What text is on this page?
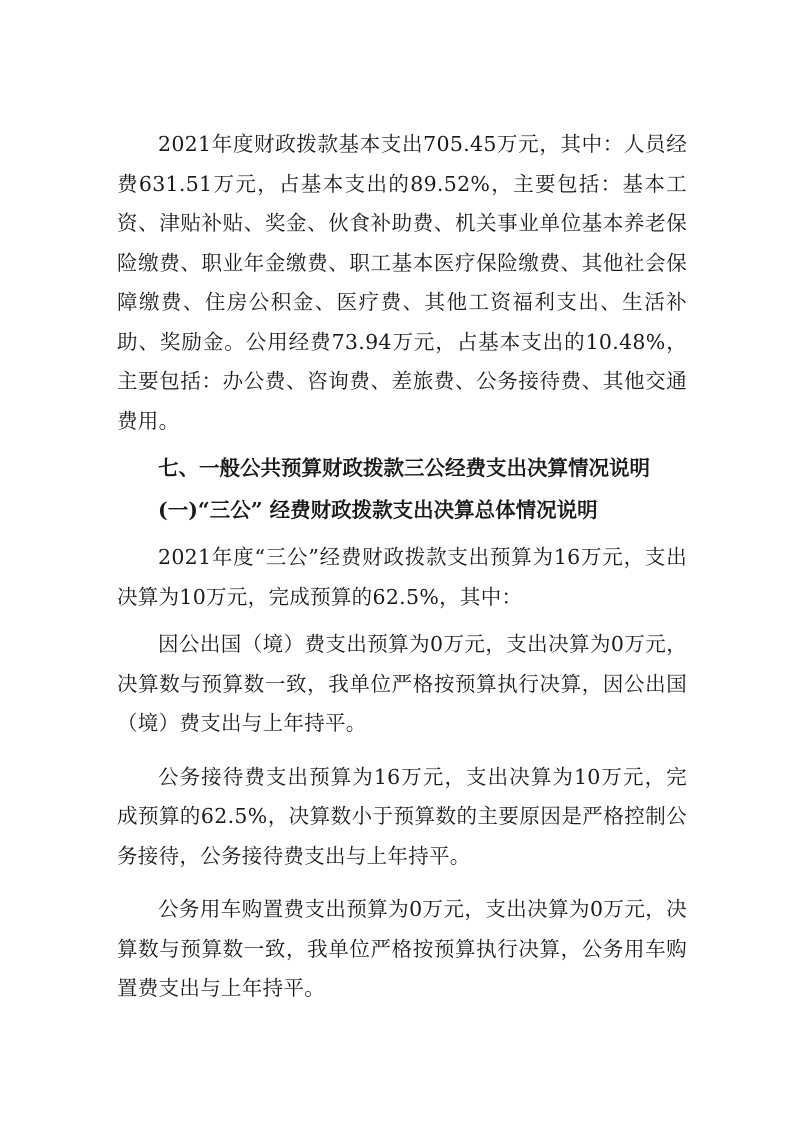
2021年度财政拨款基本支出705.45万元，其中：人员经费631.51万元，占基本支出的89.52%，主要包括：基本工资、津贴补贴、奖金、伙食补助费、机关事业单位基本养老保险缴费、职业年金缴费、职工基本医疗保险缴费、其他社会保障缴费、住房公积金、医疗费、其他工资福利支出、生活补助、奖励金。公用经费73.94万元，占基本支出的10.48%，主要包括：办公费、咨询费、差旅费、公务接待费、其他交通费用。

七、一般公共预算财政拨款三公经费支出决算情况说明

(一)“三公” 经费财政拨款支出决算总体情况说明

2021年度“三公”经费财政拨款支出预算为16万元，支出决算为10万元，完成预算的62.5%，其中：

因公出国（境）费支出预算为0万元，支出决算为0万元，决算数与预算数一致，我单位严格按预算执行决算，因公出国（境）费支出与上年持平。

公务接待费支出预算为16万元，支出决算为10万元，完成预算的62.5%，决算数小于预算数的主要原因是严格控制公务接待，公务接待费支出与上年持平。

公务用车购置费支出预算为0万元，支出决算为0万元，决算数与预算数一致，我单位严格按预算执行决算，公务用车购置费支出与上年持平。
